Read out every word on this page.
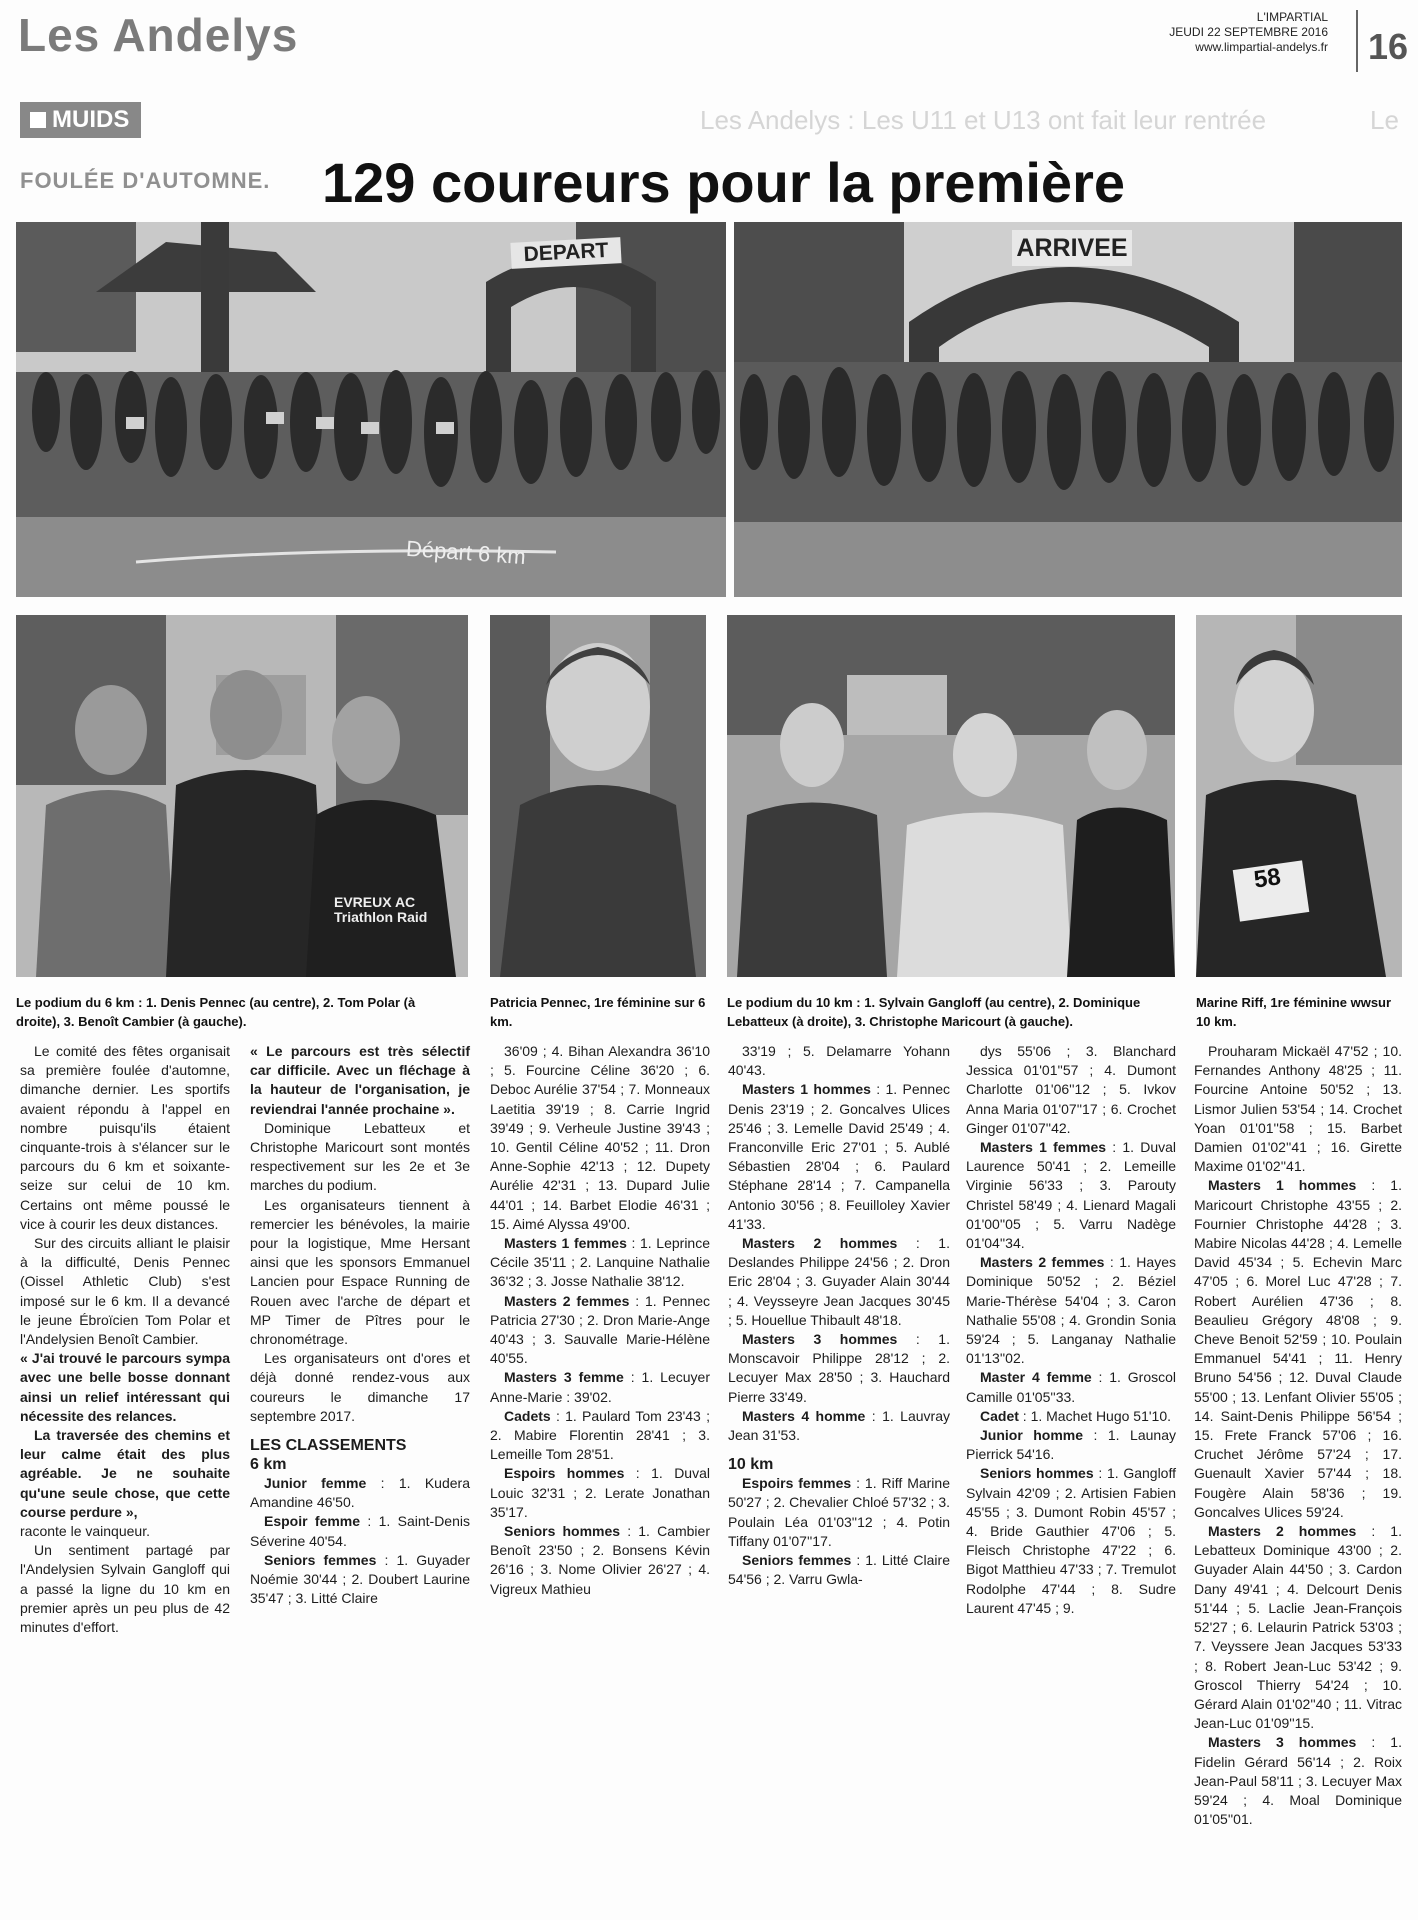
Les Andelys	L'IMPARTIAL
JEUDI 22 SEPTEMBRE 2016
www.limpartial-andelys.fr 16
Les Andelys : Les U11 et U13 ont fait leur rentrée	Le
MUIDS
FOULÉE D'AUTOMNE. 129 coureurs pour la première
DEPART
Départ 6 km
ARRIVEE
EVREUX AC Triathlon Raid
58
Le podium du 6 km : 1. Denis Pennec (au centre), 2. Tom Polar (à droite), 3. Benoît Cambier (à gauche).
Patricia Pennec, 1re féminine sur 6 km.
Le podium du 10 km : 1. Sylvain Gangloff (au centre), 2. Dominique Lebatteux (à droite), 3. Christophe Maricourt (à gauche).
Marine Riff, 1re féminine wwsur 10 km.

Le comité des fêtes organisait sa première foulée d'automne, dimanche dernier. Les sportifs avaient répondu à l'appel en nombre puisqu'ils étaient cinquante-trois à s'élancer sur le parcours du 6 km et soixante-seize sur celui de 10 km. Certains ont même poussé le vice à courir les deux distances.

Sur des circuits alliant le plaisir à la difficulté, Denis Pennec (Oissel Athletic Club) s'est imposé sur le 6 km. Il a devancé le jeune Ébroïcien Tom Polar et l'Andelysien Benoît Cambier.

« J'ai trouvé le parcours sympa avec une belle bosse donnant ainsi un relief intéressant qui nécessite des relances.

La traversée des chemins et leur calme était des plus agréable. Je ne souhaite qu'une seule chose, que cette course perdure »,

raconte le vainqueur.

Un sentiment partagé par l'Andelysien Sylvain Gangloff qui a passé la ligne du 10 km en premier après un peu plus de 42 minutes d'effort.

« Le parcours est très sélectif car difficile. Avec un fléchage à la hauteur de l'organisation, je reviendrai l'année prochaine ».

Dominique Lebatteux et Christophe Maricourt sont montés respectivement sur les 2e et 3e marches du podium.

Les organisateurs tiennent à remercier les bénévoles, la mairie pour la logistique, Mme Hersant ainsi que les sponsors Emmanuel Lancien pour Espace Running de Rouen avec l'arche de départ et MP Timer de Pîtres pour le chronométrage.

Les organisateurs ont d'ores et déjà donné rendez-vous aux coureurs le dimanche 17 septembre 2017.

LES CLASSEMENTS
6 km

Junior femme : 1. Kudera Amandine 46'50.

Espoir femme : 1. Saint-Denis Séverine 40'54.

Seniors femmes : 1. Guyader Noémie 30'44 ; 2. Doubert Laurine 35'47 ; 3. Litté Claire

36'09 ; 4. Bihan Alexandra 36'10 ; 5. Fourcine Céline 36'20 ; 6. Deboc Aurélie 37'54 ; 7. Monneaux Laetitia 39'19 ; 8. Carrie Ingrid 39'49 ; 9. Verheule Justine 39'43 ; 10. Gentil Céline 40'52 ; 11. Dron Anne-Sophie 42'13 ; 12. Dupety Aurélie 42'31 ; 13. Dupard Julie 44'01 ; 14. Barbet Elodie 46'31 ; 15. Aimé Alyssa 49'00.

Masters 1 femmes : 1. Leprince Cécile 35'11 ; 2. Lanquine Nathalie 36'32 ; 3. Josse Nathalie 38'12.

Masters 2 femmes : 1. Pennec Patricia 27'30 ; 2. Dron Marie-Ange 40'43 ; 3. Sauvalle Marie-Hélène 40'55.

Masters 3 femme : 1. Lecuyer Anne-Marie : 39'02.

Cadets : 1. Paulard Tom 23'43 ; 2. Mabire Florentin 28'41 ; 3. Lemeille Tom 28'51.

Espoirs hommes : 1. Duval Louic 32'31 ; 2. Lerate Jonathan 35'17.

Seniors hommes : 1. Cambier Benoît 23'50 ; 2. Bonsens Kévin 26'16 ; 3. Nome Olivier 26'27 ; 4. Vigreux Mathieu

33'19 ; 5. Delamarre Yohann 40'43.

Masters 1 hommes : 1. Pennec Denis 23'19 ; 2. Goncalves Ulices 25'46 ; 3. Lemelle David 25'49 ; 4. Franconville Eric 27'01 ; 5. Aublé Sébastien 28'04 ; 6. Paulard Stéphane 28'14 ; 7. Campanella Antonio 30'56 ; 8. Feuilloley Xavier 41'33.

Masters 2 hommes : 1. Deslandes Philippe 24'56 ; 2. Dron Eric 28'04 ; 3. Guyader Alain 30'44 ; 4. Veysseyre Jean Jacques 30'45 ; 5. Houellue Thibault 48'18.

Masters 3 hommes : 1. Monscavoir Philippe 28'12 ; 2. Lecuyer Max 28'50 ; 3. Hauchard Pierre 33'49.

Masters 4 homme : 1. Lauvray Jean 31'53.

10 km

Espoirs femmes : 1. Riff Marine 50'27 ; 2. Chevalier Chloé 57'32 ; 3. Poulain Léa 01'03''12 ; 4. Potin Tiffany 01'07''17.

Seniors femmes : 1. Litté Claire 54'56 ; 2. Varru Gwla-

dys 55'06 ; 3. Blanchard Jessica 01'01''57 ; 4. Dumont Charlotte 01'06''12 ; 5. Ivkov Anna Maria 01'07''17 ; 6. Crochet Ginger 01'07''42.

Masters 1 femmes : 1. Duval Laurence 50'41 ; 2. Lemeille Virginie 56'33 ; 3. Parouty Christel 58'49 ; 4. Lienard Magali 01'00''05 ; 5. Varru Nadège 01'04''34.

Masters 2 femmes : 1. Hayes Dominique 50'52 ; 2. Béziel Marie-Thérèse 54'04 ; 3. Caron Nathalie 55'08 ; 4. Grondin Sonia 59'24 ; 5. Langanay Nathalie 01'13''02.

Master 4 femme : 1. Groscol Camille 01'05''33.

Cadet : 1. Machet Hugo 51'10.

Junior homme : 1. Launay Pierrick 54'16.

Seniors hommes : 1. Gangloff Sylvain 42'09 ; 2. Artisien Fabien 45'55 ; 3. Dumont Robin 45'57 ; 4. Bride Gauthier 47'06 ; 5. Fleisch Christophe 47'22 ; 6. Bigot Matthieu 47'33 ; 7. Tremulot Rodolphe 47'44 ; 8. Sudre Laurent 47'45 ; 9.

Prouharam Mickaël 47'52 ; 10. Fernandes Anthony 48'25 ; 11. Fourcine Antoine 50'52 ; 13. Lismor Julien 53'54 ; 14. Crochet Yoan 01'01''58 ; 15. Barbet Damien 01'02''41 ; 16. Girette Maxime 01'02''41.

Masters 1 hommes : 1. Maricourt Christophe 43'55 ; 2. Fournier Christophe 44'28 ; 3. Mabire Nicolas 44'28 ; 4. Lemelle David 45'34 ; 5. Echevin Marc 47'05 ; 6. Morel Luc 47'28 ; 7. Robert Aurélien 47'36 ; 8. Beaulieu Grégory 48'08 ; 9. Cheve Benoit 52'59 ; 10. Poulain Emmanuel 54'41 ; 11. Henry Bruno 54'56 ; 12. Duval Claude 55'00 ; 13. Lenfant Olivier 55'05 ; 14. Saint-Denis Philippe 56'54 ; 15. Frete Franck 57'06 ; 16. Cruchet Jérôme 57'24 ; 17. Guenault Xavier 57'44 ; 18. Fougère Alain 58'36 ; 19. Goncalves Ulices 59'24.

Masters 2 hommes : 1. Lebatteux Dominique 43'00 ; 2. Guyader Alain 44'50 ; 3. Cardon Dany 49'41 ; 4. Delcourt Denis 51'44 ; 5. Laclie Jean-François 52'27 ; 6. Lelaurin Patrick 53'03 ; 7. Veyssere Jean Jacques 53'33 ; 8. Robert Jean-Luc 53'42 ; 9. Groscol Thierry 54'24 ; 10. Gérard Alain 01'02''40 ; 11. Vitrac Jean-Luc 01'09''15.

Masters 3 hommes : 1. Fidelin Gérard 56'14 ; 2. Roix Jean-Paul 58'11 ; 3. Lecuyer Max 59'24 ; 4. Moal Dominique 01'05''01.
